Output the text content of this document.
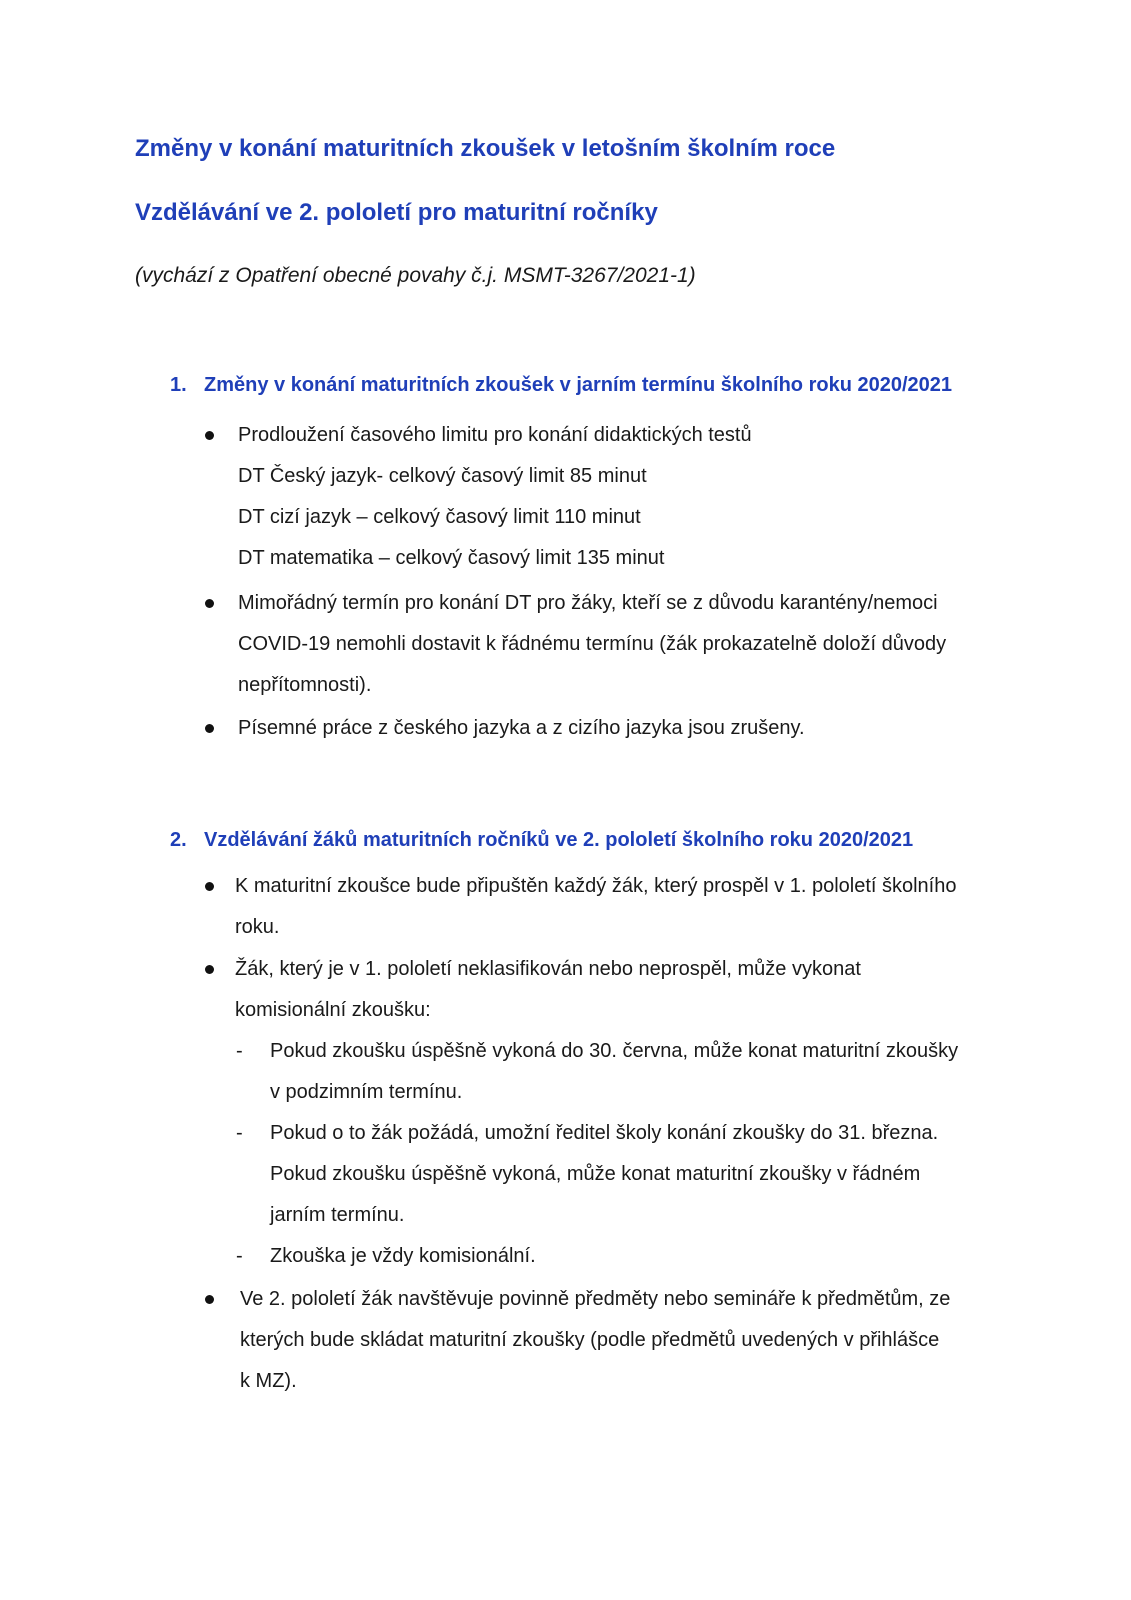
Změny v konání maturitních zkoušek v letošním školním roce

Vzdělávání ve 2. pololetí pro maturitní ročníky

(vychází z Opatření obecné povahy č.j. MSMT-3267/2021-1)

1. Změny v konání maturitních zkoušek v jarním termínu školního roku 2020/2021

Prodloužení časového limitu pro konání didaktických testů

DT Český jazyk- celkový časový limit 85 minut

DT cizí jazyk – celkový časový limit 110 minut

DT matematika – celkový časový limit 135 minut

Mimořádný termín pro konání DT pro žáky, kteří se z důvodu karantény/nemoci

COVID-19 nemohli dostavit k řádnému termínu (žák prokazatelně doloží důvody

nepřítomnosti).

Písemné práce z českého jazyka a z cizího jazyka jsou zrušeny.

2. Vzdělávání žáků maturitních ročníků ve 2. pololetí školního roku 2020/2021

K maturitní zkoušce bude připuštěn každý žák, který prospěl v 1. pololetí školního

roku.

Žák, který je v 1. pololetí neklasifikován nebo neprospěl, může vykonat

komisionální zkoušku:

- Pokud zkoušku úspěšně vykoná do 30. června, může konat maturitní zkoušky

v podzimním termínu.

- Pokud o to žák požádá, umožní ředitel školy konání zkoušky do 31. března.

Pokud zkoušku úspěšně vykoná, může konat maturitní zkoušky v řádném

jarním termínu.

- Zkouška je vždy komisionální.

Ve 2. pololetí žák navštěvuje povinně předměty nebo semináře k předmětům, ze

kterých bude skládat maturitní zkoušky (podle předmětů uvedených v přihlášce

k MZ).
